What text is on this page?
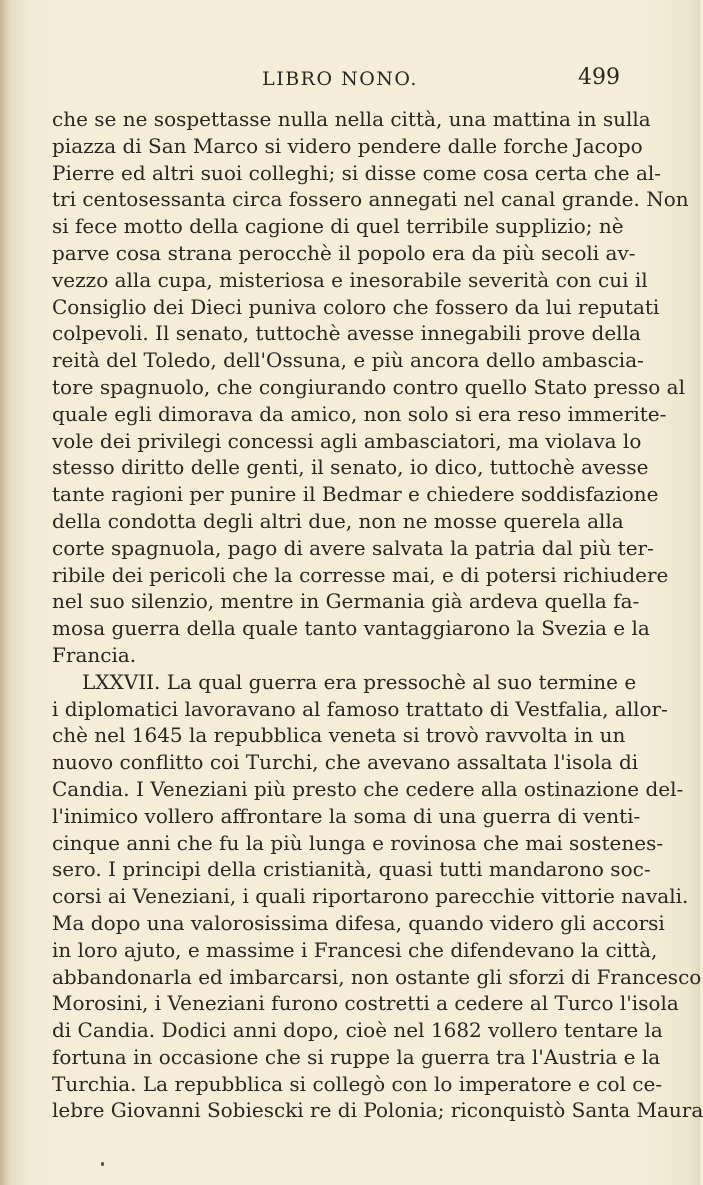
LIBRO NONO.	499
che se ne sospettasse nulla nella città, una mattina in sulla
piazza di San Marco si videro pendere dalle forche Jacopo
Pierre ed altri suoi colleghi; si disse come cosa certa che al-
tri centosessanta circa fossero annegati nel canal grande. Non
si fece motto della cagione di quel terribile supplizio; nè
parve cosa strana perocchè il popolo era da più secoli av-
vezzo alla cupa, misteriosa e inesorabile severità con cui il
Consiglio dei Dieci puniva coloro che fossero da lui reputati
colpevoli. Il senato, tuttochè avesse innegabili prove della
reità del Toledo, dell'Ossuna, e più ancora dello ambascia-
tore spagnuolo, che congiurando contro quello Stato presso al
quale egli dimorava da amico, non solo si era reso immerite-
vole dei privilegi concessi agli ambasciatori, ma violava lo
stesso diritto delle genti, il senato, io dico, tuttochè avesse
tante ragioni per punire il Bedmar e chiedere soddisfazione
della condotta degli altri due, non ne mosse querela alla
corte spagnuola, pago di avere salvata la patria dal più ter-
ribile dei pericoli che la corresse mai, e di potersi richiudere
nel suo silenzio, mentre in Germania già ardeva quella fa-
mosa guerra della quale tanto vantaggiarono la Svezia e la
Francia.
LXXVII. La qual guerra era pressochè al suo termine e
i diplomatici lavoravano al famoso trattato di Vestfalia, allor-
chè nel 1645 la repubblica veneta si trovò ravvolta in un
nuovo conflitto coi Turchi, che avevano assaltata l'isola di
Candia. I Veneziani più presto che cedere alla ostinazione del-
l'inimico vollero affrontare la soma di una guerra di venti-
cinque anni che fu la più lunga e rovinosa che mai sostenes-
sero. I principi della cristianità, quasi tutti mandarono soc-
corsi ai Veneziani, i quali riportarono parecchie vittorie navali.
Ma dopo una valorosissima difesa, quando videro gli accorsi
in loro ajuto, e massime i Francesi che difendevano la città,
abbandonarla ed imbarcarsi, non ostante gli sforzi di Francesco
Morosini, i Veneziani furono costretti a cedere al Turco l'isola
di Candia. Dodici anni dopo, cioè nel 1682 vollero tentare la
fortuna in occasione che si ruppe la guerra tra l'Austria e la
Turchia. La repubblica si collegò con lo imperatore e col ce-
lebre Giovanni Sobiescki re di Polonia; riconquistò Santa Maura
